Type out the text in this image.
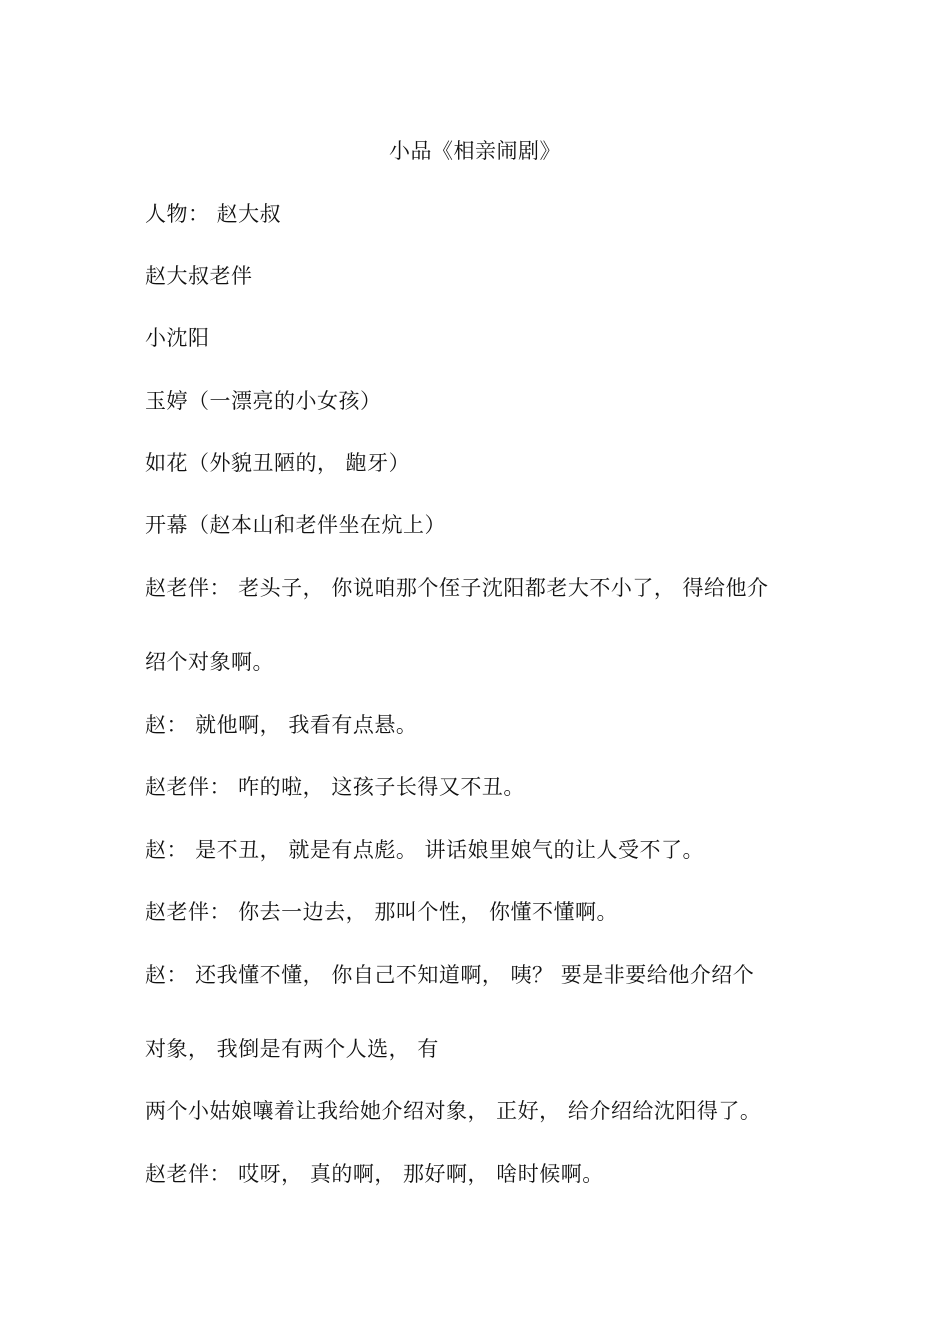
小品《相亲闹剧》
人物： 赵大叔
赵大叔老伴
小沈阳
玉婷（一漂亮的小女孩）
如花（外貌丑陋的， 龅牙）
开幕（赵本山和老伴坐在炕上）
赵老伴： 老头子， 你说咱那个侄子沈阳都老大不小了， 得给他介
绍个对象啊。
赵： 就他啊， 我看有点悬。
赵老伴： 咋的啦， 这孩子长得又不丑。
赵： 是不丑， 就是有点彪。 讲话娘里娘气的让人受不了。
赵老伴： 你去一边去， 那叫个性， 你懂不懂啊。
赵： 还我懂不懂， 你自己不知道啊， 咦？ 要是非要给他介绍个
对象， 我倒是有两个人选， 有
两个小姑娘嚷着让我给她介绍对象， 正好， 给介绍给沈阳得了。
赵老伴： 哎呀， 真的啊， 那好啊， 啥时候啊。
